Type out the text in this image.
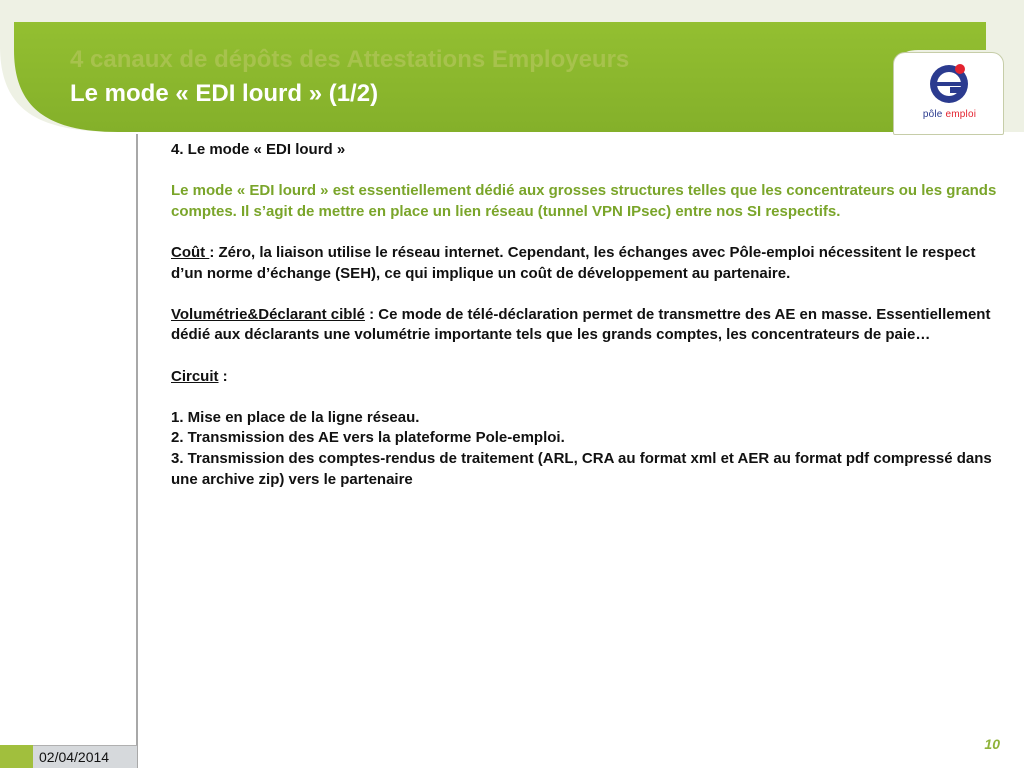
4 canaux de dépôts des Attestations Employeurs
Le mode « EDI lourd » (1/2)
pôle emploi

4. Le mode « EDI lourd »

Le mode « EDI lourd » est essentiellement dédié aux grosses structures telles que les concentrateurs ou les grands comptes. Il s’agit de mettre en place un lien réseau (tunnel VPN IPsec) entre nos SI respectifs.

Coût : Zéro, la liaison utilise le réseau internet. Cependant, les échanges avec Pôle-emploi nécessitent le respect d’un norme d’échange (SEH), ce qui implique un coût de développement au partenaire.

Volumétrie&Déclarant ciblé : Ce mode de télé-déclaration permet de transmettre des AE en masse. Essentiellement dédié aux déclarants une volumétrie importante tels que les grands comptes, les concentrateurs de paie…

Circuit :

1. Mise en place de la ligne réseau.

2. Transmission des AE vers la plateforme Pole-emploi.

3. Transmission des comptes-rendus de traitement (ARL, CRA au format xml et AER au format pdf compressé dans une archive zip) vers le partenaire

02/04/2014
10
